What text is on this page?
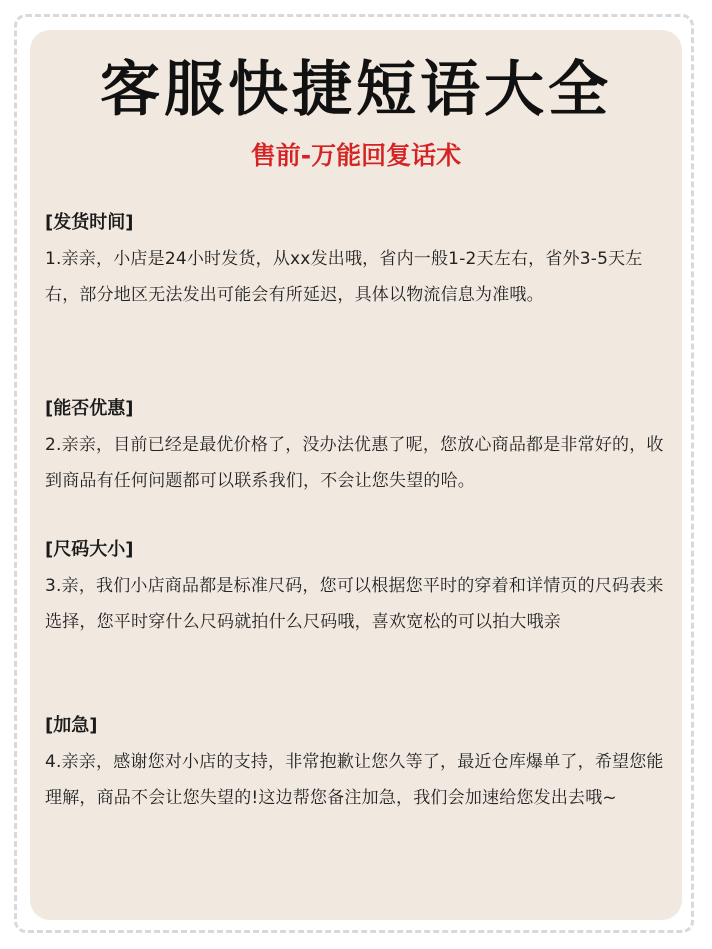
客服快捷短语大全
售前-万能回复话术
[发货时间]
1.亲亲，小店是24小时发货，从xx发出哦，省内一般1-2天左右，省外3-5天左右，部分地区无法发出可能会有所延迟，具体以物流信息为准哦。
[能否优惠]
2.亲亲，目前已经是最优价格了，没办法优惠了呢，您放心商品都是非常好的，收到商品有任何问题都可以联系我们，不会让您失望的哈。
[尺码大小]
3.亲，我们小店商品都是标准尺码，您可以根据您平时的穿着和详情页的尺码表来选择，您平时穿什么尺码就拍什么尺码哦，喜欢宽松的可以拍大哦亲
[加急]
4.亲亲，感谢您对小店的支持，非常抱歉让您久等了，最近仓库爆单了，希望您能理解，商品不会让您失望的!这边帮您备注加急，我们会加速给您发出去哦~
